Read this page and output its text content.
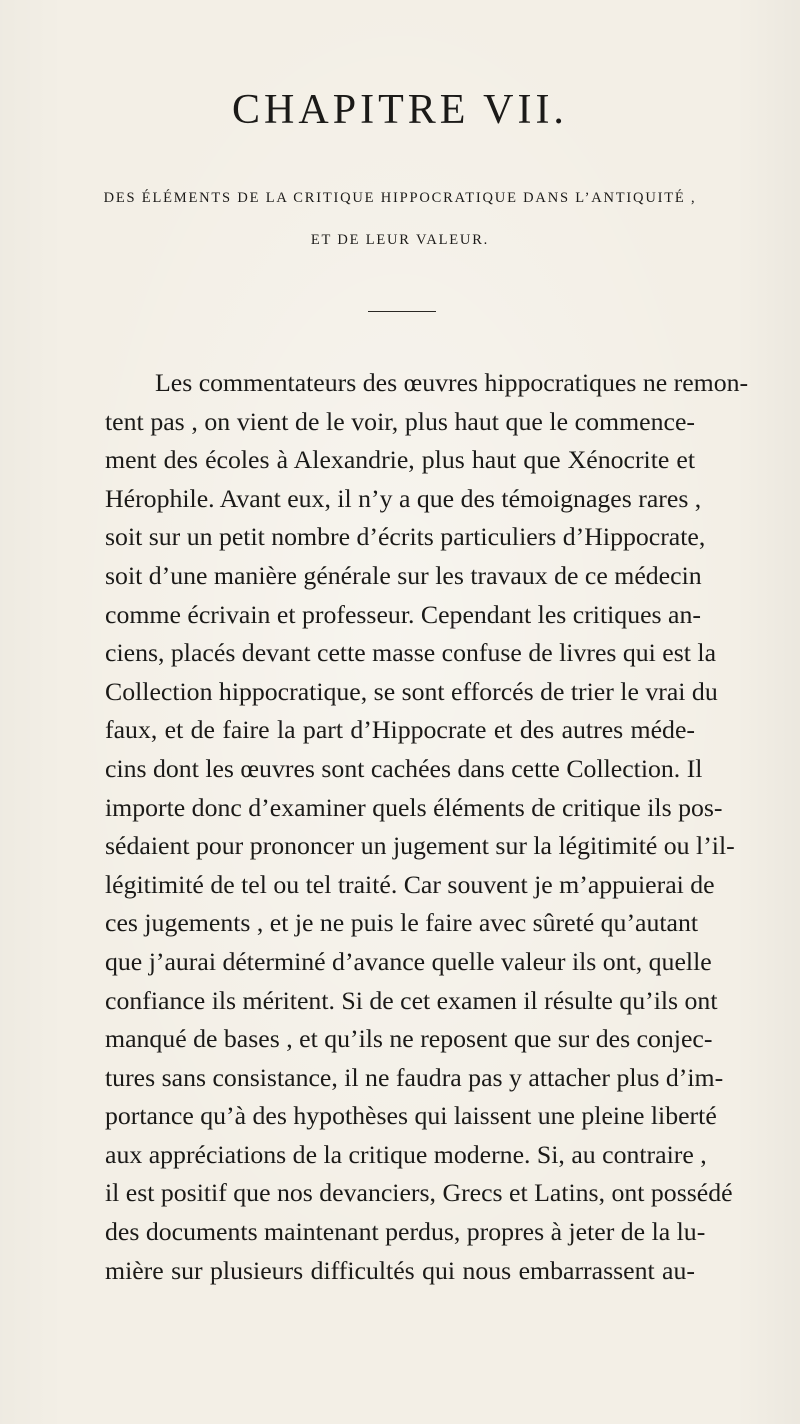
CHAPITRE VII.
DES ÉLÉMENTS DE LA CRITIQUE HIPPOCRATIQUE DANS L’ANTIQUITÉ ,
ET DE LEUR VALEUR.
Les commentateurs des œuvres hippocratiques ne remon-
tent pas , on vient de le voir, plus haut que le commence-
ment des écoles à Alexandrie, plus haut que Xénocrite et
Hérophile. Avant eux, il n’y a que des témoignages rares ,
soit sur un petit nombre d’écrits particuliers d’Hippocrate,
soit d’une manière générale sur les travaux de ce médecin
comme écrivain et professeur. Cependant les critiques an-
ciens, placés devant cette masse confuse de livres qui est la
Collection hippocratique, se sont efforcés de trier le vrai du
faux, et de faire la part d’Hippocrate et des autres méde-
cins dont les œuvres sont cachées dans cette Collection. Il
importe donc d’examiner quels éléments de critique ils pos-
sédaient pour prononcer un jugement sur la légitimité ou l’il-
légitimité de tel ou tel traité. Car souvent je m’appuierai de
ces jugements , et je ne puis le faire avec sûreté qu’autant
que j’aurai déterminé d’avance quelle valeur ils ont, quelle
confiance ils méritent. Si de cet examen il résulte qu’ils ont
manqué de bases , et qu’ils ne reposent que sur des conjec-
tures sans consistance, il ne faudra pas y attacher plus d’im-
portance qu’à des hypothèses qui laissent une pleine liberté
aux appréciations de la critique moderne. Si, au contraire ,
il est positif que nos devanciers, Grecs et Latins, ont possédé
des documents maintenant perdus, propres à jeter de la lu-
mière sur plusieurs difficultés qui nous embarrassent au-
